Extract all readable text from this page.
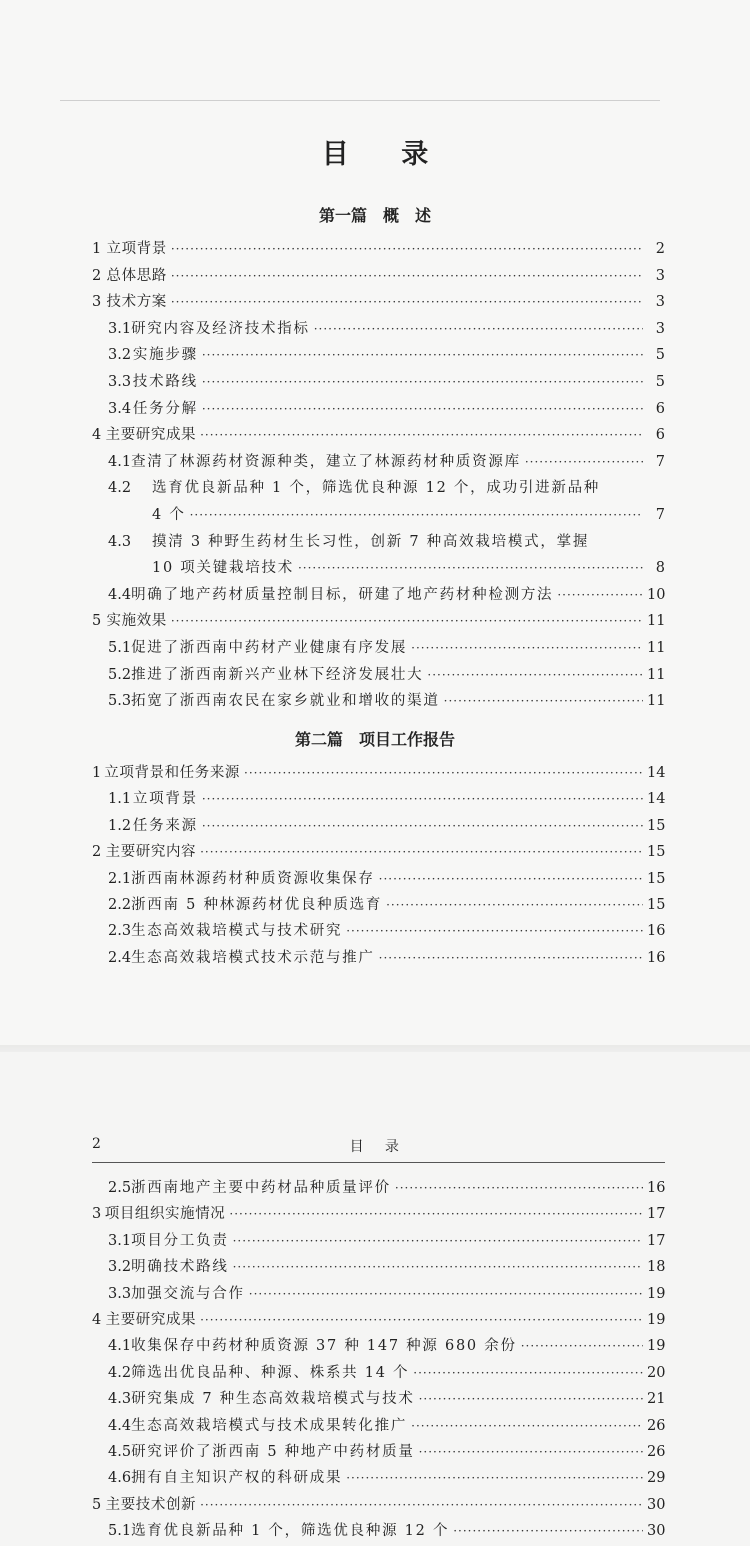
目 录
第一篇　概　述
1 立项背景 ·····	2
2 总体思路 ·····	3
3 技术方案 ·····	3
3.1 研究内容及经济技术指标 ·····	3
3.2 实施步骤 ·····	5
3.3 技术路线 ·····	5
3.4 任务分解 ·····	6
4 主要研究成果 ·····	6
4.1 查清了林源药材资源种类，建立了林源药材种质资源库 ·····	7
4.2	选育优良新品种 1 个，筛选优良种源 12 个，成功引进新品种
4 个 ·····	7
4.3	摸清 3 种野生药材生长习性，创新 7 种高效栽培模式，掌握
10 项关键栽培技术 ·····	8
4.4 明确了地产药材质量控制目标，研建了地产药材种检测方法 ·····	10
5 实施效果 ·····	11
5.1 促进了浙西南中药材产业健康有序发展 ·····	11
5.2 推进了浙西南新兴产业林下经济发展壮大 ·····	11
5.3 拓宽了浙西南农民在家乡就业和增收的渠道 ·····	11
第二篇　项目工作报告
1 立项背景和任务来源 ·····	14
1.1 立项背景 ·····	14
1.2 任务来源 ·····	15
2 主要研究内容 ·····	15
2.1 浙西南林源药材种质资源收集保存 ·····	15
2.2 浙西南 5 种林源药材优良种质选育 ·····	15
2.3 生态高效栽培模式与技术研究 ·····	16
2.4 生态高效栽培模式技术示范与推广 ·····	16
2	目 录
2.5 浙西南地产主要中药材品种质量评价 ·····	16
3 项目组织实施情况 ·····	17
3.1 项目分工负责 ·····	17
3.2 明确技术路线 ·····	18
3.3 加强交流与合作 ·····	19
4 主要研究成果 ·····	19
4.1 收集保存中药材种质资源 37 种 147 种源 680 余份 ·····	19
4.2 筛选出优良品种、种源、株系共 14 个 ·····	20
4.3 研究集成 7 种生态高效栽培模式与技术 ·····	21
4.4 生态高效栽培模式与技术成果转化推广 ·····	26
4.5 研究评价了浙西南 5 种地产中药材质量 ·····	26
4.6 拥有自主知识产权的科研成果 ·····	29
5 主要技术创新 ·····	30
5.1 选育优良新品种 1 个，筛选优良种源 12 个 ·····	30
